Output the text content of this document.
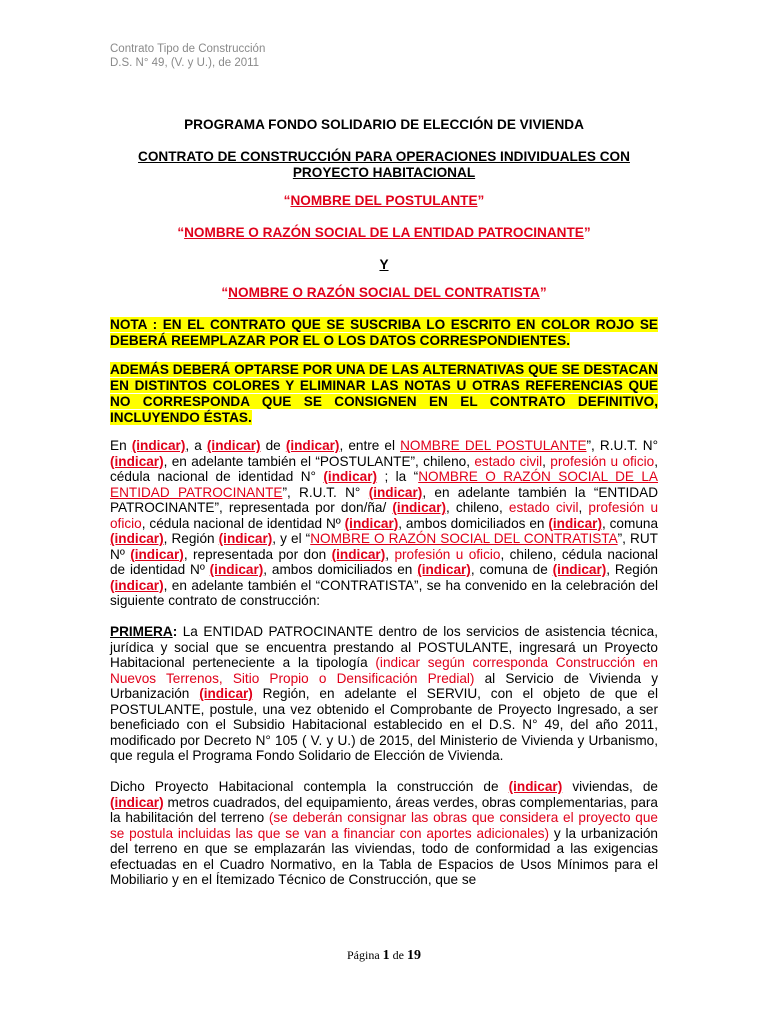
Contrato Tipo de Construcción
D.S. N° 49, (V. y U.), de 2011
PROGRAMA FONDO SOLIDARIO DE ELECCIÓN DE VIVIENDA
CONTRATO DE CONSTRUCCIÓN PARA OPERACIONES INDIVIDUALES CON PROYECTO HABITACIONAL
“NOMBRE DEL POSTULANTE”
“NOMBRE O RAZÓN SOCIAL DE LA ENTIDAD PATROCINANTE”
Y
“NOMBRE O RAZÓN SOCIAL DEL CONTRATISTA”
NOTA : EN EL CONTRATO QUE SE SUSCRIBA LO ESCRITO EN COLOR ROJO SE DEBERÁ REEMPLAZAR POR EL O LOS DATOS CORRESPONDIENTES.
ADEMÁS DEBERÁ OPTARSE POR UNA DE LAS ALTERNATIVAS QUE SE DESTACAN EN DISTINTOS COLORES Y ELIMINAR LAS NOTAS U OTRAS REFERENCIAS QUE NO CORRESPONDA QUE SE CONSIGNEN EN EL CONTRATO DEFINITIVO, INCLUYENDO ÉSTAS.

En (indicar), a (indicar) de (indicar), entre el NOMBRE DEL POSTULANTE”, R.U.T. N° (indicar), en adelante también el “POSTULANTE”, chileno, estado civil, profesión u oficio, cédula nacional de identidad N° (indicar) ; la “NOMBRE O RAZÓN SOCIAL DE LA ENTIDAD PATROCINANTE”, R.U.T. N° (indicar), en adelante también la “ENTIDAD PATROCINANTE”, representada por don/ña/ (indicar), chileno, estado civil, profesión u oficio, cédula nacional de identidad Nº (indicar), ambos domiciliados en (indicar), comuna (indicar), Región (indicar), y el “NOMBRE O RAZÓN SOCIAL DEL CONTRATISTA”, RUT Nº (indicar), representada por don (indicar), profesión u oficio, chileno, cédula nacional de identidad Nº (indicar), ambos domiciliados en (indicar), comuna de (indicar), Región (indicar), en adelante también el “CONTRATISTA”, se ha convenido en la celebración del siguiente contrato de construcción:

PRIMERA: La ENTIDAD PATROCINANTE dentro de los servicios de asistencia técnica, jurídica y social que se encuentra prestando al POSTULANTE, ingresará un Proyecto Habitacional perteneciente a la tipología (indicar según corresponda Construcción en Nuevos Terrenos, Sitio Propio o Densificación Predial) al Servicio de Vivienda y Urbanización (indicar) Región, en adelante el SERVIU, con el objeto de que el POSTULANTE, postule, una vez obtenido el Comprobante de Proyecto Ingresado, a ser beneficiado con el Subsidio Habitacional establecido en el D.S. N° 49, del año 2011, modificado por Decreto N° 105 ( V. y U.) de 2015, del Ministerio de Vivienda y Urbanismo, que regula el Programa Fondo Solidario de Elección de Vivienda.

Dicho Proyecto Habitacional contempla la construcción de (indicar) viviendas, de (indicar) metros cuadrados, del equipamiento, áreas verdes, obras complementarias, para la habilitación del terreno (se deberán consignar las obras que considera el proyecto que se postula incluidas las que se van a financiar con aportes adicionales) y la urbanización del terreno en que se emplazarán las viviendas, todo de conformidad a las exigencias efectuadas en el Cuadro Normativo, en la Tabla de Espacios de Usos Mínimos para el Mobiliario y en el Ítemizado Técnico de Construcción, que se

Página 1 de 19
